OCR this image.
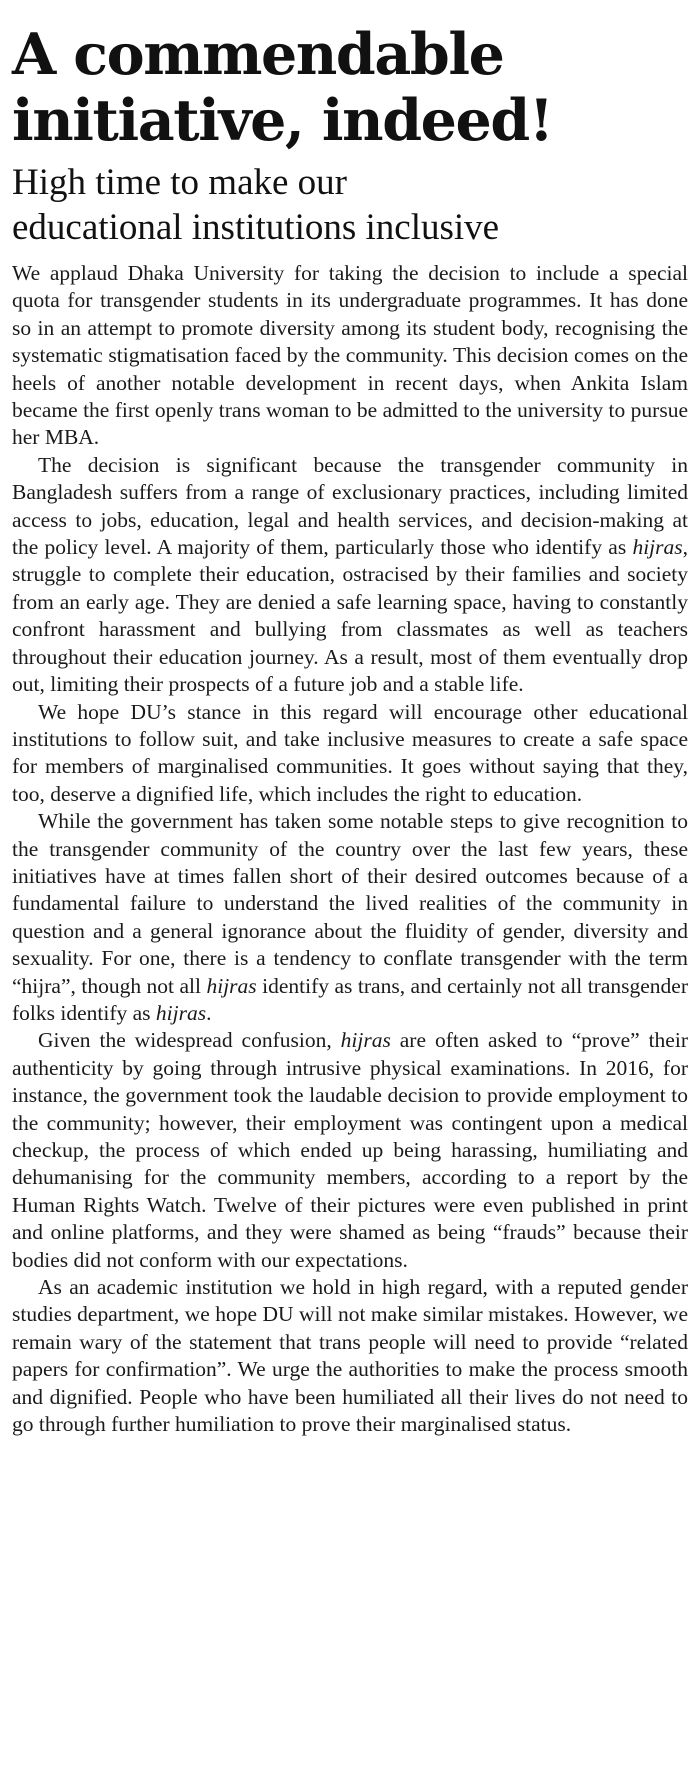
A commendable
initiative, indeed!
High time to make our
educational institutions inclusive

We applaud Dhaka University for taking the decision to include a special quota for transgender students in its undergraduate programmes. It has done so in an attempt to promote diversity among its student body, recognising the systematic stigmatisation faced by the community. This decision comes on the heels of another notable development in recent days, when Ankita Islam became the first openly trans woman to be admitted to the university to pursue her MBA.

The decision is significant because the transgender community in Bangladesh suffers from a range of exclusionary practices, including limited access to jobs, education, legal and health services, and decision-making at the policy level. A majority of them, particularly those who identify as hijras, struggle to complete their education, ostracised by their families and society from an early age. They are denied a safe learning space, having to constantly confront harassment and bullying from classmates as well as teachers throughout their education journey. As a result, most of them eventually drop out, limiting their prospects of a future job and a stable life.

We hope DU’s stance in this regard will encourage other educational institutions to follow suit, and take inclusive measures to create a safe space for members of marginalised communities. It goes without saying that they, too, deserve a dignified life, which includes the right to education.

While the government has taken some notable steps to give recognition to the transgender community of the country over the last few years, these initiatives have at times fallen short of their desired outcomes because of a fundamental failure to understand the lived realities of the community in question and a general ignorance about the fluidity of gender, diversity and sexuality. For one, there is a tendency to conflate transgender with the term “hijra”, though not all hijras identify as trans, and certainly not all transgender folks identify as hijras.

Given the widespread confusion, hijras are often asked to “prove” their authenticity by going through intrusive physical examinations. In 2016, for instance, the government took the laudable decision to provide employment to the community; however, their employment was contingent upon a medical checkup, the process of which ended up being harassing, humiliating and dehumanising for the community members, according to a report by the Human Rights Watch. Twelve of their pictures were even published in print and online platforms, and they were shamed as being “frauds” because their bodies did not conform with our expectations.

As an academic institution we hold in high regard, with a reputed gender studies department, we hope DU will not make similar mistakes. However, we remain wary of the statement that trans people will need to provide “related papers for confirmation”. We urge the authorities to make the process smooth and dignified. People who have been humiliated all their lives do not need to go through further humiliation to prove their marginalised status.
